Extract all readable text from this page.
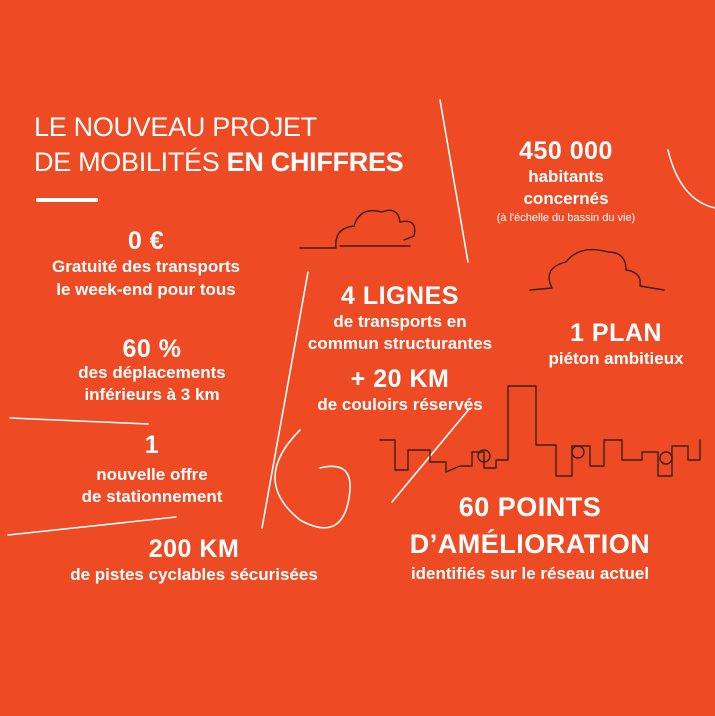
LE NOUVEAU PROJET
DE MOBILITÉS EN CHIFFRES	450 000
habitants
concernés
(à l'échelle du bassin du vie)
0 €
Gratuité des transports
le week-end pour tous	4 LIGNES
de transports en
commun structurantes	1 PLAN
piéton ambitieux
60 %
des déplacements
inférieurs à 3 km
+ 20 KM
de couloirs réservés
1
nouvelle offre
de stationnement	60 POINTS
D’AMÉLIORATION
identifiés sur le réseau actuel
200 KM
de pistes cyclables sécurisées
